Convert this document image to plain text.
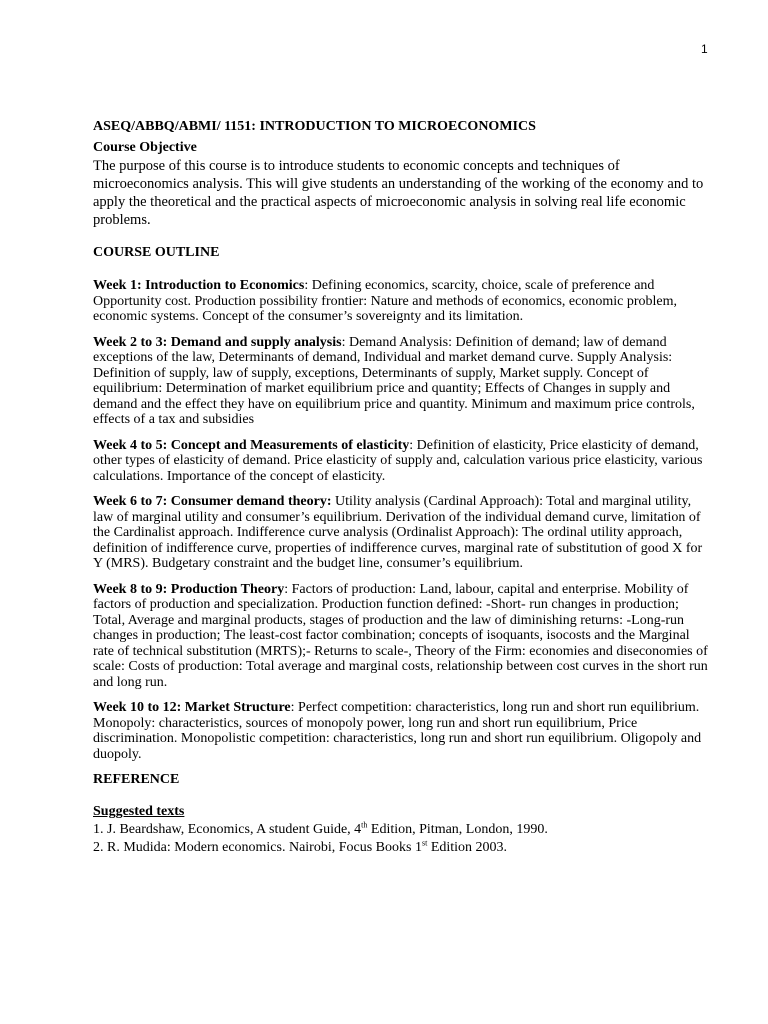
1

ASEQ/ABBQ/ABMI/ 1151: INTRODUCTION TO MICROECONOMICS

Course Objective

The purpose of this course is to introduce students to economic concepts and techniques of microeconomics analysis. This will give students an understanding of the working of the economy and to apply the theoretical and the practical aspects of microeconomic analysis in solving real life economic problems.

COURSE OUTLINE

Week 1: Introduction to Economics: Defining economics, scarcity, choice, scale of preference and Opportunity cost. Production possibility frontier: Nature and methods of economics, economic problem, economic systems. Concept of the consumer’s sovereignty and its limitation.

Week 2 to 3: Demand and supply analysis: Demand Analysis: Definition of demand; law of demand exceptions of the law, Determinants of demand, Individual and market demand curve. Supply Analysis: Definition of supply, law of supply, exceptions, Determinants of supply, Market supply. Concept of equilibrium: Determination of market equilibrium price and quantity; Effects of Changes in supply and demand and the effect they have on equilibrium price and quantity. Minimum and maximum price controls, effects of a tax and subsidies

Week 4 to 5: Concept and Measurements of elasticity: Definition of elasticity, Price elasticity of demand, other types of elasticity of demand. Price elasticity of supply and, calculation various price elasticity, various calculations. Importance of the concept of elasticity.

Week 6 to 7: Consumer demand theory: Utility analysis (Cardinal Approach): Total and marginal utility, law of marginal utility and consumer’s equilibrium. Derivation of the individual demand curve, limitation of the Cardinalist approach. Indifference curve analysis (Ordinalist Approach): The ordinal utility approach, definition of indifference curve, properties of indifference curves, marginal rate of substitution of good X for Y (MRS). Budgetary constraint and the budget line, consumer’s equilibrium.

Week 8 to 9: Production Theory: Factors of production: Land, labour, capital and enterprise. Mobility of factors of production and specialization. Production function defined: -Short- run changes in production; Total, Average and marginal products, stages of production and the law of diminishing returns: -Long-run changes in production; The least-cost factor combination; concepts of isoquants, isocosts and the Marginal rate of technical substitution (MRTS);- Returns to scale-, Theory of the Firm: economies and diseconomies of scale: Costs of production: Total average and marginal costs, relationship between cost curves in the short run and long run.

Week 10 to 12: Market Structure: Perfect competition: characteristics, long run and short run equilibrium. Monopoly: characteristics, sources of monopoly power, long run and short run equilibrium, Price discrimination. Monopolistic competition: characteristics, long run and short run equilibrium. Oligopoly and duopoly.

REFERENCE

Suggested texts

1. J. Beardshaw, Economics, A student Guide, 4th Edition, Pitman, London, 1990.

2. R. Mudida: Modern economics. Nairobi, Focus Books 1st Edition 2003.
